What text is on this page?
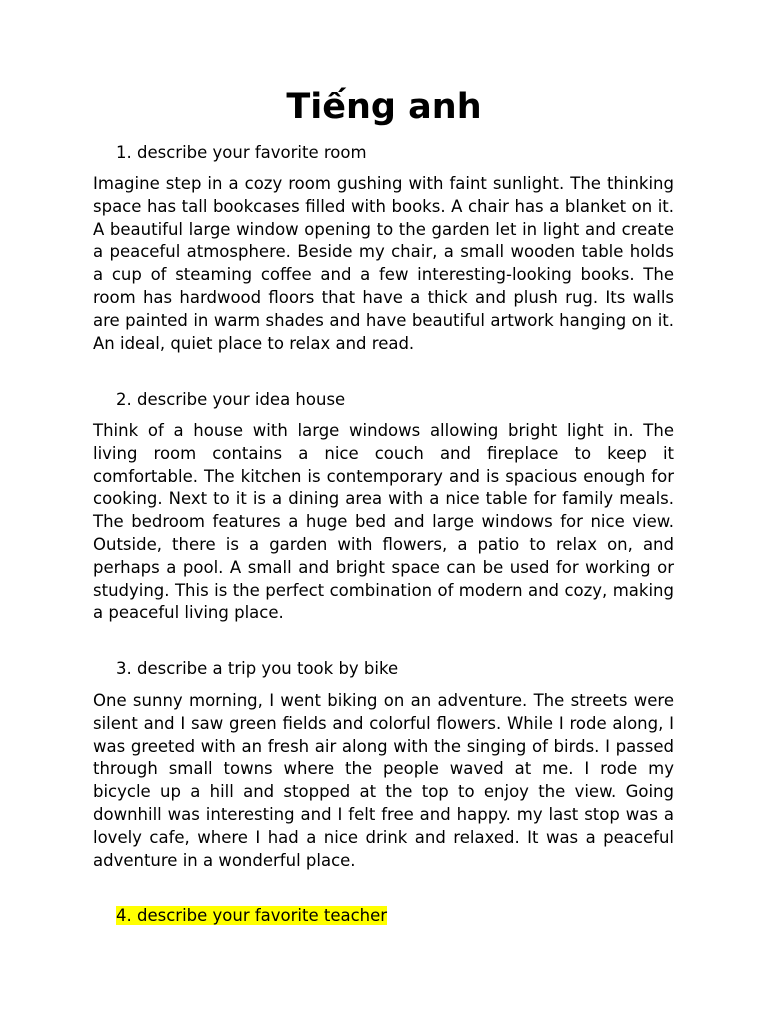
Tiếng anh

1. describe your favorite room

Imagine step in a cozy room gushing with faint sunlight. The thinking space has tall bookcases filled with books. A chair has a blanket on it. A beautiful large window opening to the garden let in light and create a peaceful atmosphere. Beside my chair, a small wooden table holds a cup of steaming coffee and a few interesting-looking books. The room has hardwood floors that have a thick and plush rug. Its walls are painted in warm shades and have beautiful artwork hanging on it. An ideal, quiet place to relax and read.

2. describe your idea house

Think of a house with large windows allowing bright light in. The living room contains a nice couch and fireplace to keep it comfortable. The kitchen is contemporary and is spacious enough for cooking. Next to it is a dining area with a nice table for family meals. The bedroom features a huge bed and large windows for nice view. Outside, there is a garden with flowers, a patio to relax on, and perhaps a pool. A small and bright space can be used for working or studying. This is the perfect combination of modern and cozy, making a peaceful living place.

3. describe a trip you took by bike

One sunny morning, I went biking on an adventure. The streets were silent and I saw green fields and colorful flowers. While I rode along, I was greeted with an fresh air along with the singing of birds. I passed through small towns where the people waved at me. I rode my bicycle up a hill and stopped at the top to enjoy the view. Going downhill was interesting and I felt free and happy. my last stop was a lovely cafe, where I had a nice drink and relaxed. It was a peaceful adventure in a wonderful place.

4. describe your favorite teacher
